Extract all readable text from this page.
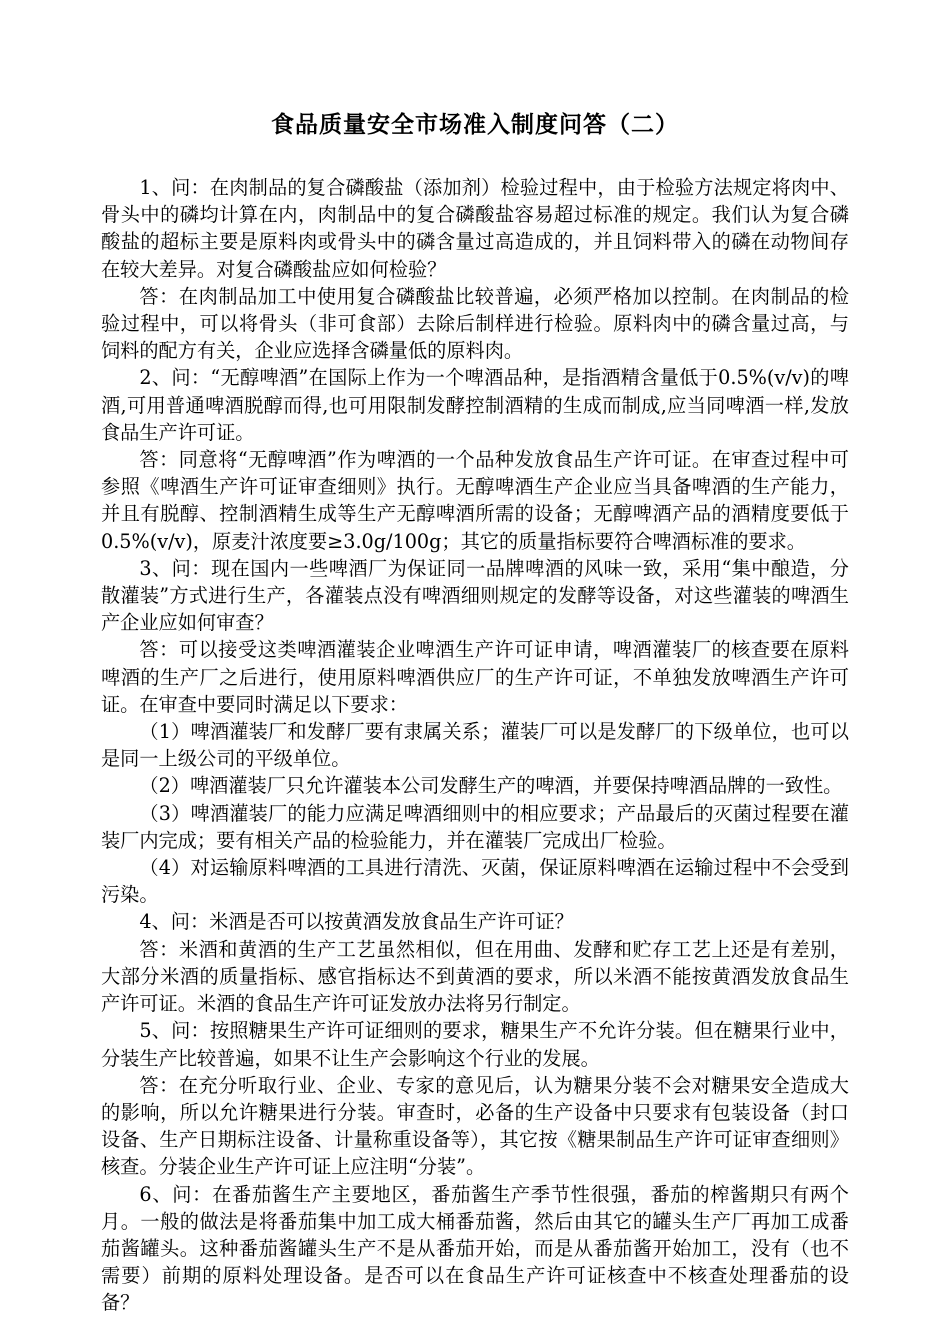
食品质量安全市场准入制度问答（二）

1、问：在肉制品的复合磷酸盐（添加剂）检验过程中，由于检验方法规定将肉中、骨头中的磷均计算在内，肉制品中的复合磷酸盐容易超过标准的规定。我们认为复合磷酸盐的超标主要是原料肉或骨头中的磷含量过高造成的，并且饲料带入的磷在动物间存在较大差异。对复合磷酸盐应如何检验？

答：在肉制品加工中使用复合磷酸盐比较普遍，必须严格加以控制。在肉制品的检验过程中，可以将骨头（非可食部）去除后制样进行检验。原料肉中的磷含量过高，与饲料的配方有关，企业应选择含磷量低的原料肉。

2、问：“无醇啤酒”在国际上作为一个啤酒品种，是指酒精含量低于0.5%(v/v)的啤酒,可用普通啤酒脱醇而得,也可用限制发酵控制酒精的生成而制成,应当同啤酒一样,发放食品生产许可证。

答：同意将“无醇啤酒”作为啤酒的一个品种发放食品生产许可证。在审查过程中可参照《啤酒生产许可证审查细则》执行。无醇啤酒生产企业应当具备啤酒的生产能力，并且有脱醇、控制酒精生成等生产无醇啤酒所需的设备；无醇啤酒产品的酒精度要低于0.5%(v/v)，原麦汁浓度要≥3.0g/100g；其它的质量指标要符合啤酒标准的要求。

3、问：现在国内一些啤酒厂为保证同一品牌啤酒的风味一致，采用“集中酿造，分散灌装”方式进行生产，各灌装点没有啤酒细则规定的发酵等设备，对这些灌装的啤酒生产企业应如何审查？

答：可以接受这类啤酒灌装企业啤酒生产许可证申请，啤酒灌装厂的核查要在原料啤酒的生产厂之后进行，使用原料啤酒供应厂的生产许可证，不单独发放啤酒生产许可证。在审查中要同时满足以下要求：

（1）啤酒灌装厂和发酵厂要有隶属关系；灌装厂可以是发酵厂的下级单位，也可以是同一上级公司的平级单位。

（2）啤酒灌装厂只允许灌装本公司发酵生产的啤酒，并要保持啤酒品牌的一致性。

（3）啤酒灌装厂的能力应满足啤酒细则中的相应要求；产品最后的灭菌过程要在灌装厂内完成；要有相关产品的检验能力，并在灌装厂完成出厂检验。

（4）对运输原料啤酒的工具进行清洗、灭菌，保证原料啤酒在运输过程中不会受到污染。

4、问：米酒是否可以按黄酒发放食品生产许可证？

答：米酒和黄酒的生产工艺虽然相似，但在用曲、发酵和贮存工艺上还是有差别，大部分米酒的质量指标、感官指标达不到黄酒的要求，所以米酒不能按黄酒发放食品生产许可证。米酒的食品生产许可证发放办法将另行制定。

5、问：按照糖果生产许可证细则的要求，糖果生产不允许分装。但在糖果行业中，分装生产比较普遍，如果不让生产会影响这个行业的发展。

答：在充分听取行业、企业、专家的意见后，认为糖果分装不会对糖果安全造成大的影响，所以允许糖果进行分装。审查时，必备的生产设备中只要求有包装设备（封口设备、生产日期标注设备、计量称重设备等），其它按《糖果制品生产许可证审查细则》核查。分装企业生产许可证上应注明“分装”。

6、问：在番茄酱生产主要地区，番茄酱生产季节性很强，番茄的榨酱期只有两个月。一般的做法是将番茄集中加工成大桶番茄酱，然后由其它的罐头生产厂再加工成番茄酱罐头。这种番茄酱罐头生产不是从番茄开始，而是从番茄酱开始加工，没有（也不需要）前期的原料处理设备。是否可以在食品生产许可证核查中不核查处理番茄的设备？
